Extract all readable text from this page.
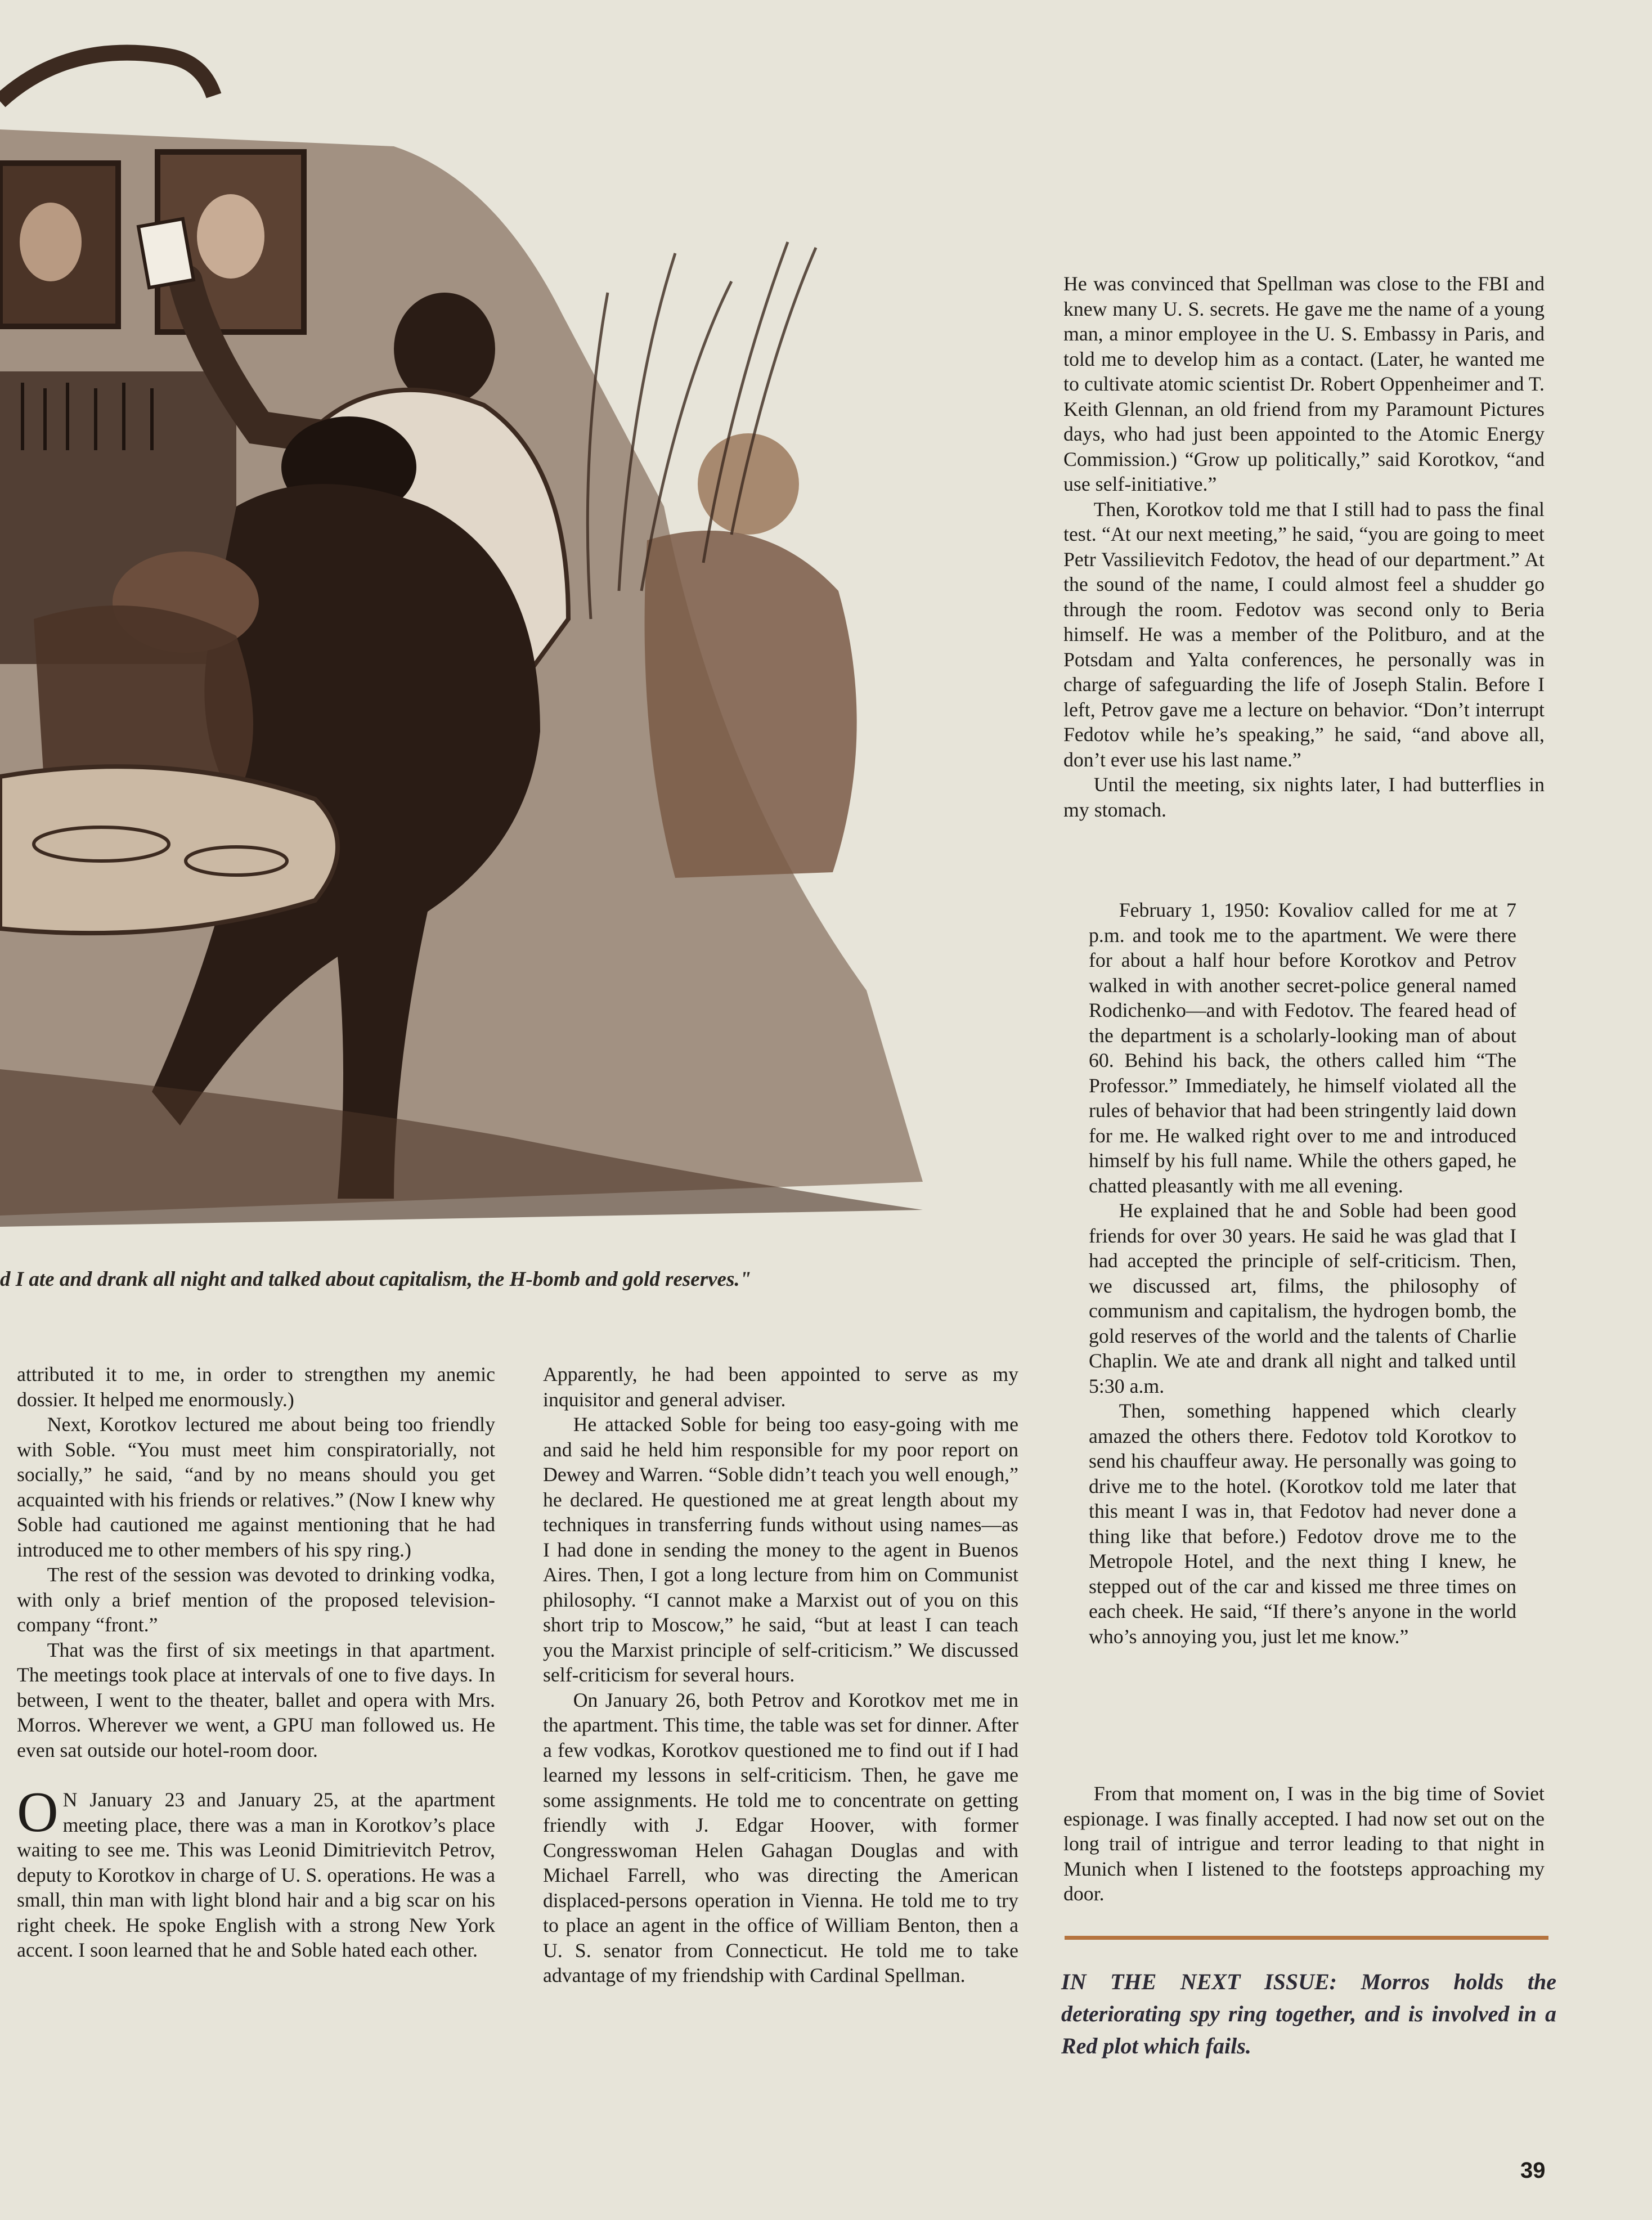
d I ate and drank all night and talked about capitalism, the H-bomb and gold reserves."

attributed it to me, in order to strengthen my anemic dossier. It helped me enormously.)

Next, Korotkov lectured me about being too friendly with Soble. “You must meet him conspiratorially, not socially,” he said, “and by no means should you get acquainted with his friends or relatives.” (Now I knew why Soble had cautioned me against mentioning that he had introduced me to other members of his spy ring.)

The rest of the session was devoted to drinking vodka, with only a brief mention of the proposed television-company “front.”

That was the first of six meetings in that apartment. The meetings took place at intervals of one to five days. In between, I went to the theater, ballet and opera with Mrs. Morros. Wherever we went, a GPU man followed us. He even sat outside our hotel-room door.

O N January 23 and January 25, at the apartment meeting place, there was a man in Korotkov’s place waiting to see me. This was Leonid Dimitrievitch Petrov, deputy to Korotkov in charge of U. S. operations. He was a small, thin man with light blond hair and a big scar on his right cheek. He spoke English with a strong New York accent. I soon learned that he and Soble hated each other.

Apparently, he had been appointed to serve as my inquisitor and general adviser.

He attacked Soble for being too easy-going with me and said he held him responsible for my poor report on Dewey and Warren. “Soble didn’t teach you well enough,” he declared. He questioned me at great length about my techniques in transferring funds without using names—as I had done in sending the money to the agent in Buenos Aires. Then, I got a long lecture from him on Communist philosophy. “I cannot make a Marxist out of you on this short trip to Moscow,” he said, “but at least I can teach you the Marxist principle of self-criticism.” We discussed self-criticism for several hours.

On January 26, both Petrov and Korotkov met me in the apartment. This time, the table was set for dinner. After a few vodkas, Korotkov questioned me to find out if I had learned my lessons in self-criticism. Then, he gave me some assignments. He told me to concentrate on getting friendly with J. Edgar Hoover, with former Congresswoman Helen Gahagan Douglas and with Michael Farrell, who was directing the American displaced-persons operation in Vienna. He told me to try to place an agent in the office of William Benton, then a U. S. senator from Connecticut. He told me to take advantage of my friendship with Cardinal Spellman.

He was convinced that Spellman was close to the FBI and knew many U. S. secrets. He gave me the name of a young man, a minor employee in the U. S. Embassy in Paris, and told me to develop him as a contact. (Later, he wanted me to cultivate atomic scientist Dr. Robert Oppenheimer and T. Keith Glennan, an old friend from my Paramount Pictures days, who had just been appointed to the Atomic Energy Commission.) “Grow up politically,” said Korotkov, “and use self-initiative.”

Then, Korotkov told me that I still had to pass the final test. “At our next meeting,” he said, “you are going to meet Petr Vassilievitch Fedotov, the head of our department.” At the sound of the name, I could almost feel a shudder go through the room. Fedotov was second only to Beria himself. He was a member of the Politburo, and at the Potsdam and Yalta conferences, he personally was in charge of safeguarding the life of Joseph Stalin. Before I left, Petrov gave me a lecture on behavior. “Don’t interrupt Fedotov while he’s speaking,” he said, “and above all, don’t ever use his last name.”

Until the meeting, six nights later, I had butterflies in my stomach.

February 1, 1950: Kovaliov called for me at 7 p.m. and took me to the apartment. We were there for about a half hour before Korotkov and Petrov walked in with another secret-police general named Rodichenko—and with Fedotov. The feared head of the department is a scholarly-looking man of about 60. Behind his back, the others called him “The Professor.” Immediately, he himself violated all the rules of behavior that had been stringently laid down for me. He walked right over to me and introduced himself by his full name. While the others gaped, he chatted pleasantly with me all evening.

He explained that he and Soble had been good friends for over 30 years. He said he was glad that I had accepted the principle of self-criticism. Then, we discussed art, films, the philosophy of communism and capitalism, the hydrogen bomb, the gold reserves of the world and the talents of Charlie Chaplin. We ate and drank all night and talked until 5:30 a.m.

Then, something happened which clearly amazed the others there. Fedotov told Korotkov to send his chauffeur away. He personally was going to drive me to the hotel. (Korotkov told me later that this meant I was in, that Fedotov had never done a thing like that before.) Fedotov drove me to the Metropole Hotel, and the next thing I knew, he stepped out of the car and kissed me three times on each cheek. He said, “If there’s anyone in the world who’s annoying you, just let me know.”

From that moment on, I was in the big time of Soviet espionage. I was finally accepted. I had now set out on the long trail of intrigue and terror leading to that night in Munich when I listened to the footsteps approaching my door.

IN THE NEXT ISSUE: Morros holds the deteriorating spy ring together, and is involved in a Red plot which fails.
39
